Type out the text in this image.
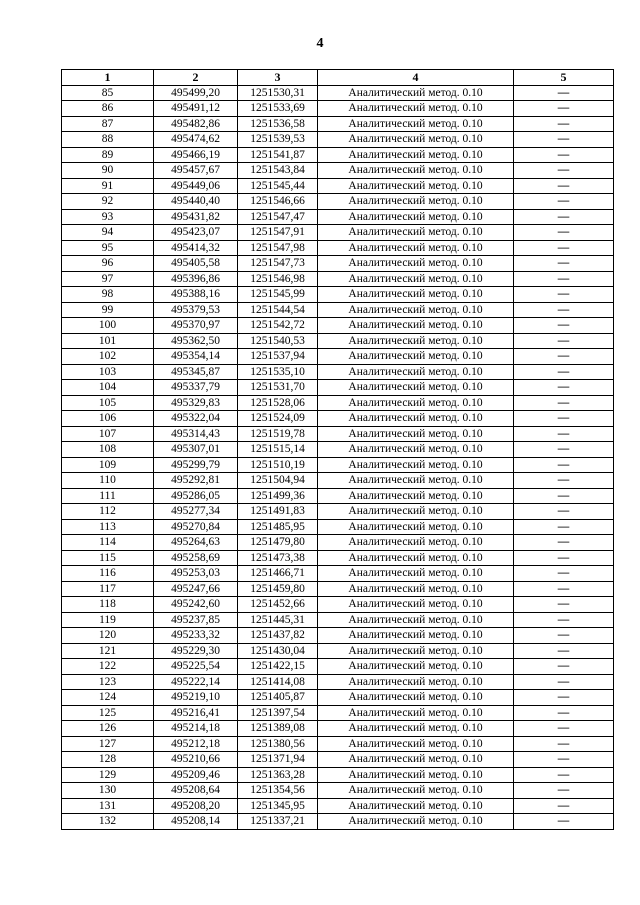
4
1	2	3	4	5
85	495499,20	1251530,31	Аналитический метод. 0.10	—
86	495491,12	1251533,69	Аналитический метод. 0.10	—
87	495482,86	1251536,58	Аналитический метод. 0.10	—
88	495474,62	1251539,53	Аналитический метод. 0.10	—
89	495466,19	1251541,87	Аналитический метод. 0.10	—
90	495457,67	1251543,84	Аналитический метод. 0.10	—
91	495449,06	1251545,44	Аналитический метод. 0.10	—
92	495440,40	1251546,66	Аналитический метод. 0.10	—
93	495431,82	1251547,47	Аналитический метод. 0.10	—
94	495423,07	1251547,91	Аналитический метод. 0.10	—
95	495414,32	1251547,98	Аналитический метод. 0.10	—
96	495405,58	1251547,73	Аналитический метод. 0.10	—
97	495396,86	1251546,98	Аналитический метод. 0.10	—
98	495388,16	1251545,99	Аналитический метод. 0.10	—
99	495379,53	1251544,54	Аналитический метод. 0.10	—
100	495370,97	1251542,72	Аналитический метод. 0.10	—
101	495362,50	1251540,53	Аналитический метод. 0.10	—
102	495354,14	1251537,94	Аналитический метод. 0.10	—
103	495345,87	1251535,10	Аналитический метод. 0.10	—
104	495337,79	1251531,70	Аналитический метод. 0.10	—
105	495329,83	1251528,06	Аналитический метод. 0.10	—
106	495322,04	1251524,09	Аналитический метод. 0.10	—
107	495314,43	1251519,78	Аналитический метод. 0.10	—
108	495307,01	1251515,14	Аналитический метод. 0.10	—
109	495299,79	1251510,19	Аналитический метод. 0.10	—
110	495292,81	1251504,94	Аналитический метод. 0.10	—
111	495286,05	1251499,36	Аналитический метод. 0.10	—
112	495277,34	1251491,83	Аналитический метод. 0.10	—
113	495270,84	1251485,95	Аналитический метод. 0.10	—
114	495264,63	1251479,80	Аналитический метод. 0.10	—
115	495258,69	1251473,38	Аналитический метод. 0.10	—
116	495253,03	1251466,71	Аналитический метод. 0.10	—
117	495247,66	1251459,80	Аналитический метод. 0.10	—
118	495242,60	1251452,66	Аналитический метод. 0.10	—
119	495237,85	1251445,31	Аналитический метод. 0.10	—
120	495233,32	1251437,82	Аналитический метод. 0.10	—
121	495229,30	1251430,04	Аналитический метод. 0.10	—
122	495225,54	1251422,15	Аналитический метод. 0.10	—
123	495222,14	1251414,08	Аналитический метод. 0.10	—
124	495219,10	1251405,87	Аналитический метод. 0.10	—
125	495216,41	1251397,54	Аналитический метод. 0.10	—
126	495214,18	1251389,08	Аналитический метод. 0.10	—
127	495212,18	1251380,56	Аналитический метод. 0.10	—
128	495210,66	1251371,94	Аналитический метод. 0.10	—
129	495209,46	1251363,28	Аналитический метод. 0.10	—
130	495208,64	1251354,56	Аналитический метод. 0.10	—
131	495208,20	1251345,95	Аналитический метод. 0.10	—
132	495208,14	1251337,21	Аналитический метод. 0.10	—
